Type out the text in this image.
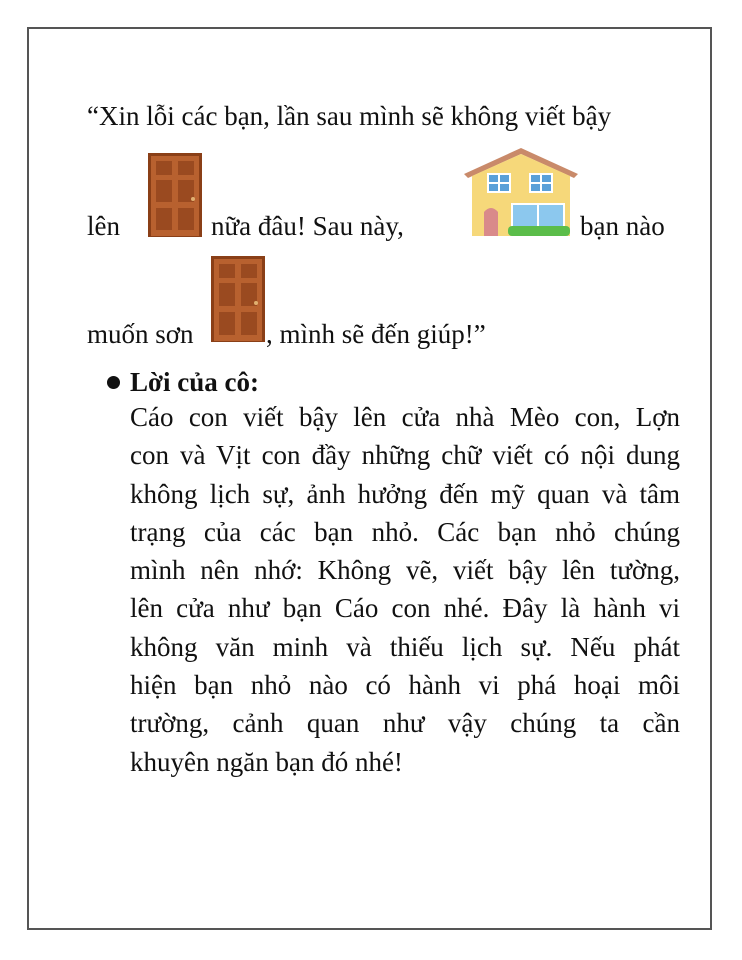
“Xin lỗi các bạn, lần sau mình sẽ không viết bậy
lên	nữa đâu! Sau này,	bạn nào
muốn sơn	, mình sẽ đến giúp!”
Lời của cô:
Cáo con viết bậy lên cửa nhà Mèo con, Lợn
con và Vịt con đầy những chữ viết có nội dung
không lịch sự, ảnh hưởng đến mỹ quan và tâm
trạng của các bạn nhỏ. Các bạn nhỏ chúng
mình nên nhớ: Không vẽ, viết bậy lên tường,
lên cửa như bạn Cáo con nhé. Đây là hành vi
không văn minh và thiếu lịch sự. Nếu phát
hiện bạn nhỏ nào có hành vi phá hoại môi
trường, cảnh quan như vậy chúng ta cần
khuyên ngăn bạn đó nhé!
